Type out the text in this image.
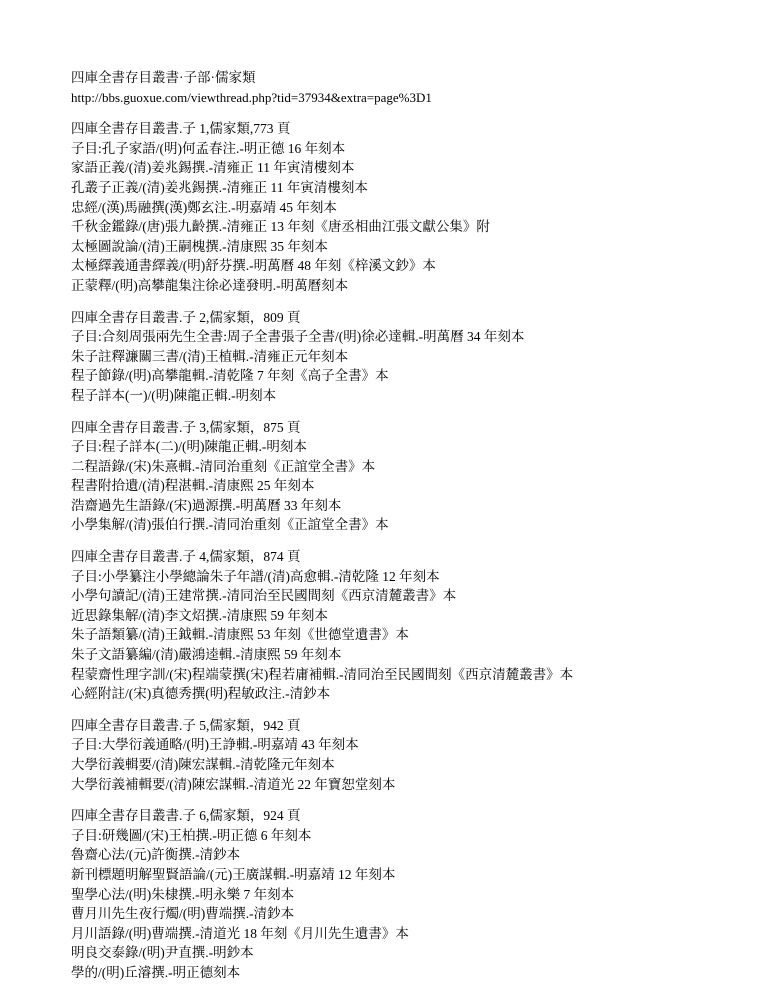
四庫全書存目叢書·子部·儒家類
http://bbs.guoxue.com/viewthread.php?tid=37934&extra=page%3D1
四庫全書存目叢書.子 1,儒家類,773 頁
子目:孔子家語/(明)何孟春注.-明正德 16 年刻本
家語正義/(清)姜兆錫撰.-清雍正 11 年寅清樓刻本
孔叢子正義/(清)姜兆錫撰.-清雍正 11 年寅清樓刻本
忠經/(漢)馬融撰(漢)鄭玄注.-明嘉靖 45 年刻本
千秋金鑑錄/(唐)張九齡撰.-清雍正 13 年刻《唐丞相曲江張文獻公集》附
太極圖說論/(清)王嗣槐撰.-清康熙 35 年刻本
太極繹義通書繹義/(明)舒芬撰.-明萬曆 48 年刻《梓溪文鈔》本
正蒙釋/(明)高攀龍集注徐必達發明.-明萬曆刻本
四庫全書存目叢書.子 2,儒家類，809 頁
子目:合刻周張兩先生全書:周子全書張子全書/(明)徐必達輯.-明萬曆 34 年刻本
朱子註釋濂關三書/(清)王植輯.-清雍正元年刻本
程子節錄/(明)高攀龍輯.-清乾隆 7 年刻《高子全書》本
程子詳本(一)/(明)陳龍正輯.-明刻本
四庫全書存目叢書.子 3,儒家類，875 頁
子目:程子詳本(二)/(明)陳龍正輯.-明刻本
二程語錄/(宋)朱熹輯.-清同治重刻《正誼堂全書》本
程書附拾遺/(清)程湛輯.-清康熙 25 年刻本
浩齋過先生語錄/(宋)過源撰.-明萬曆 33 年刻本
小學集解/(清)張伯行撰.-清同治重刻《正誼堂全書》本
四庫全書存目叢書.子 4,儒家類，874 頁
子目:小學纂注小學總論朱子年譜/(清)高愈輯.-清乾隆 12 年刻本
小學句讀記/(清)王建常撰.-清同治至民國間刻《西京清麓叢書》本
近思錄集解/(清)李文炤撰.-清康熙 59 年刻本
朱子語類纂/(清)王鉞輯.-清康熙 53 年刻《世德堂遺書》本
朱子文語纂編/(清)嚴鴻逵輯.-清康熙 59 年刻本
程蒙齋性理字訓/(宋)程端蒙撰(宋)程若庸補輯.-清同治至民國間刻《西京清麓叢書》本
心經附註/(宋)真德秀撰(明)程敏政注.-清鈔本
四庫全書存目叢書.子 5,儒家類，942 頁
子目:大學衍義通略/(明)王諍輯.-明嘉靖 43 年刻本
大學衍義輯要/(清)陳宏謀輯.-清乾隆元年刻本
大學衍義補輯要/(清)陳宏謀輯.-清道光 22 年寶恕堂刻本
四庫全書存目叢書.子 6,儒家類，924 頁
子目:研幾圖/(宋)王柏撰.-明正德 6 年刻本
魯齋心法/(元)許衡撰.-清鈔本
新刊標題明解聖賢語論/(元)王廣謀輯.-明嘉靖 12 年刻本
聖學心法/(明)朱棣撰.-明永樂 7 年刻本
曹月川先生夜行燭/(明)曹端撰.-清鈔本
月川語錄/(明)曹端撰.-清道光 18 年刻《月川先生遺書》本
明良交泰錄/(明)尹直撰.-明鈔本
學的/(明)丘濬撰.-明正德刻本
